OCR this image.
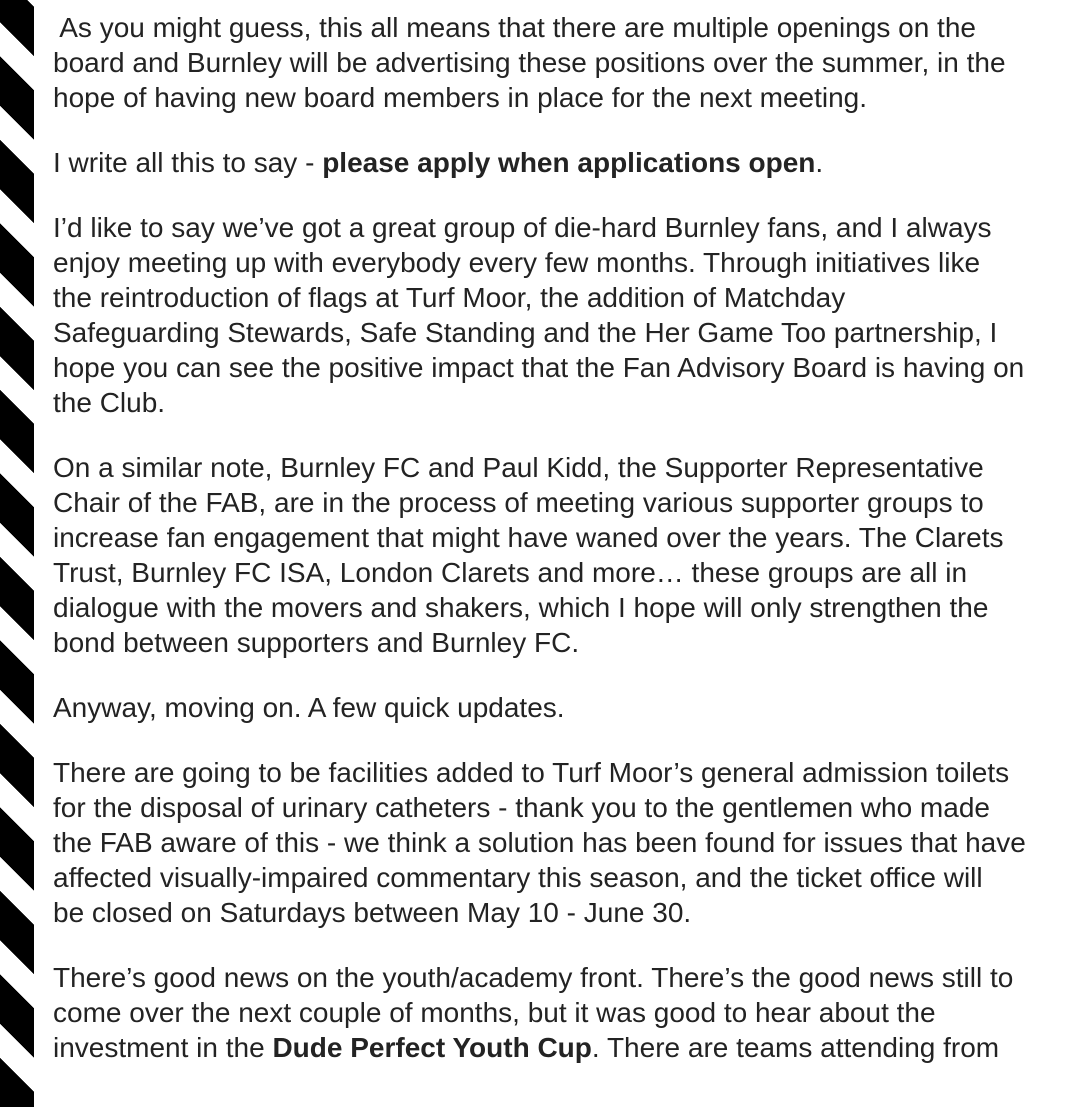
As you might guess, this all means that there are multiple openings on the
board and Burnley will be advertising these positions over the summer, in the
hope of having new board members in place for the next meeting.
I write all this to say - please apply when applications open.
I’d like to say we’ve got a great group of die-hard Burnley fans, and I always
enjoy meeting up with everybody every few months. Through initiatives like
the reintroduction of flags at Turf Moor, the addition of Matchday
Safeguarding Stewards, Safe Standing and the Her Game Too partnership, I
hope you can see the positive impact that the Fan Advisory Board is having on
the Club.
On a similar note, Burnley FC and Paul Kidd, the Supporter Representative
Chair of the FAB, are in the process of meeting various supporter groups to
increase fan engagement that might have waned over the years. The Clarets
Trust, Burnley FC ISA, London Clarets and more… these groups are all in
dialogue with the movers and shakers, which I hope will only strengthen the
bond between supporters and Burnley FC.
Anyway, moving on. A few quick updates.
There are going to be facilities added to Turf Moor’s general admission toilets
for the disposal of urinary catheters - thank you to the gentlemen who made
the FAB aware of this - we think a solution has been found for issues that have
affected visually-impaired commentary this season, and the ticket office will
be closed on Saturdays between May 10 - June 30.
There’s good news on the youth/academy front. There’s the good news still to
come over the next couple of months, but it was good to hear about the
investment in the Dude Perfect Youth Cup. There are teams attending from
